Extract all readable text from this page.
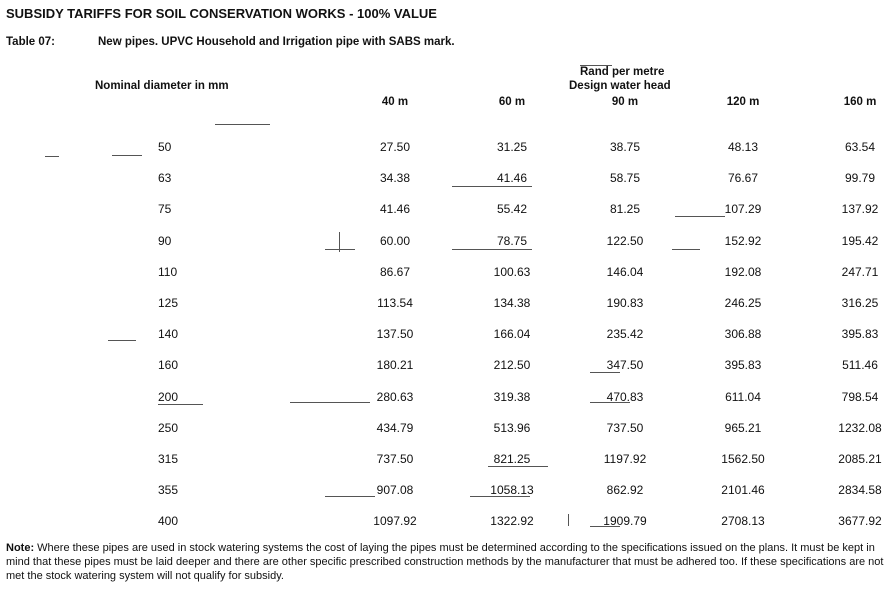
SUBSIDY TARIFFS FOR SOIL CONSERVATION WORKS - 100% VALUE
Table 07:	New pipes. UPVC Household and Irrigation pipe with SABS mark.
Rand per metre
Design water head
Nominal diameter in mm
40 m	60 m	90 m	120 m	160 m
50	27.50	31.25	38.75	48.13	63.54
63	34.38	41.46	58.75	76.67	99.79
75	41.46	55.42	81.25	107.29	137.92
90	60.00	78.75	122.50	152.92	195.42
110	86.67	100.63	146.04	192.08	247.71
125	113.54	134.38	190.83	246.25	316.25
140	137.50	166.04	235.42	306.88	395.83
160	180.21	212.50	347.50	395.83	511.46
200	280.63	319.38	470.83	611.04	798.54
250	434.79	513.96	737.50	965.21	1232.08
315	737.50	821.25	1197.92	1562.50	2085.21
355	907.08	1058.13	862.92	2101.46	2834.58
400	1097.92	1322.92	1909.79	2708.13	3677.92
Note: Where these pipes are used in stock watering systems the cost of laying the pipes must be determined according to the specifications issued on the plans. It must be kept in mind that these pipes must be laid deeper and there are other specific prescribed construction methods by the manufacturer that must be adhered too. If these specifications are not met the stock watering system will not qualify for subsidy.
